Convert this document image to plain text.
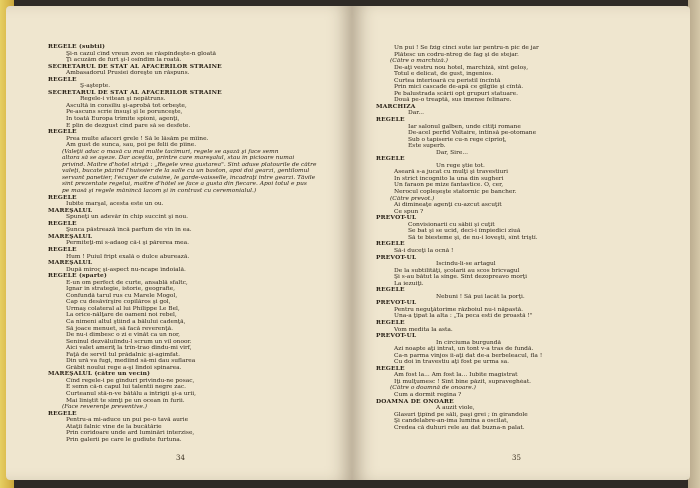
REGELE (subtil)
Şi-n cazul cînd vreun zvon se răspîndeşte-n gloată
Ţi acuzăm de furt şi-l osîndim la roată.
SECRETARUL DE STAT AL AFACERILOR STRĂINE
Ambasadorul Prusiei doreşte un răspuns.
REGELE
Ş-aştepte.
SECRETARUL DE STAT AL AFACERILOR STRĂINE
Regele-i vitean şi nepătruns.
Ascultă in consiliu şi-aprobă tot orbeşte,
Pe-ascuns scrie însuşi şi le porunceşte,
În toată Europa trimite spioni, agenţi,
E plin de dezgust cînd pare să se desfete.
REGELE
Prea multe afaceri grele ! Să le lăsăm pe mîine.
Am gust de sunca, sau, poi pe felii de pîine.
(Valeţii aduc o masă cu mai multe tacîmuri, regele se aşază şi face semn
altora să se aşeze. Dar aceştia, printre care mareşalul, stau în picioare numai
privind. Maître d'hotel strigă : „Regele vrea gustarea". Sînt aduse platourile de către
valeţi, bucate păzind l'huissier de la salle cu un baston, apoi doi gearzi, gentilomul
servant panetier, l'écuyer de cuisine, le garde-vaisselle, încadraţi între gearzi. Tăvile
sînt prezentate regelui, maître d'hôtel se face a gusta din fiecare. Apoi totul e pus
pe masă şi regele mănîncă lacom şi în contrast cu ceremonialul.)
REGELE
Iubite marşal, acesta este un ou.
MAREŞALUL
Spuneţi un adevăr în chip succint şi nou.
REGELE
Şunca păstrează încă parfum de vin în ea.
MAREŞALUL
Permiteţi-mi s-adaog că-i şi părerea mea.
REGELE
Hum ! Puiul fript exală o dulce aburează.
MAREŞALUL
După mirος şi-aspect nu-ncape îndoială.
REGELE (sparte)
E-un om perfect de curte, ansablă sfaltc,
Ignar în strategie, istorie, geografie,
Confundă tarul rus cu Marele Mogol,
Cap cu desăvîrşire copilăros şi gol,
Urmaş colateral al lui Philippe Le Bel,
La orice-nălţare de oameni noi rebel,
Ca nimeni altul ştiind a bălului cadenţă,
Să joace menuet, să facă reverenţă.
De nu-i dimbesc o zi e vînăt ca un nor,
Seninul dezvăluiîndu-l scrum un vil onoor.
Aici valet ameriţ la trîn-trao dîndu-mi vîrf,
Faţă de servil tul prădalnic şi-agimfat.
Din ură va fugi, mediind să-mi dau suflarea
Grăbit noului rege a-şi lîndoi spinarea.
MAREŞALUL (către un vecin)
Cînd regele-i pe gînduri privindu-ne posac,
E semn că-n capul lui talentii negre zac.
Curteanul stă-n-ve bătălu a intrigii şi-a urii,
Mai liniştit te simţi pe un ocean în furii.
(Face reverenţe preventive.)
REGELE
Pentru-a mi-aduce un pui pe-o tavă aurie
Ataţii falnic vine de la bucătărie
Prin coridoare unde ard luminări interzise,
Prin galerii pe care le gudiute furtuna.
34
Un pui ! Se fzig cinci sute iar pentru-n pic de jar
Plătesc un codru-ntreg de fag şi de stejar.
(Către o marchiză.)
De-aţi vestru nou hotel, marchiză, sînt geloș,
Totul e delicat, de gust, ingenios.
Curtea interioară cu peristil încîntă
Prin micî cascade de-apă ce gîlgîie şi cîntă.
Pe balustrada scării opt grupuri statuare.
Două pe-o treaptă, sus imense felinare.
MARCHIZA
Dar...
REGELE
Iar salonul galben, unde citiţi romane
De-acel perfid Voltaire, intinsă pe-otomane
Sub o tapiserie cu-n rege ciprioţ,
Este superb.
Dar, Sire...
REGELE
Un rege ştie tot.
Aseară s-a jucat cu mulţi şi travestiuri
În strict incognito la una din sugheri
Un faraon pe mize fantastice. O, cer,
Nerocul copleşeşte statornic pe bancher.
(Către prevot.)
Ai dimineaţe agenţi cu-azcut ascuţit
Ce spun ?
PRÉVÔT-UL
Convisionarii cu săbii şi cuţit
Se bat şi se ucid, deci-i împiedici ziuă
Să te biesteme şi, de nu-i loveşti, sînt triştî.
REGELE
Să-i duceţi la ocnă !
PRÉVÔT-UL
Iscindu-li-se artagul
De la subtilităţi, şcolarii au scos bricvagul
Şi s-au bătut la sînge. Sînt dezopreavo morţi
La iezuiţi.
REGELE
Nebuni ! Să pui lacăt la porţi.
PRÉVÔT-UL
Pentru neguţătorime războiul nu-i năpastă.
Una-a ţipat la alta : „Ta peca esti de proastă !"
REGELE
Vom medita la asta.
PRÉVÔT-UL
În circiuma burgundă
Azi noapte aţi intrat, un tont v-a tras de fundă.
Ca-n parma vînjos îi-aţi dat de-a berbeleacul, fla !
Cu doi în travestiu aţi fost pe urma sa.
REGELE
Am fost la... Am fost la... Iubite magistrat
Îţi mulţumesc ! Sînt bine păzit, supraveghéat.
(Către o doamnă de onoare.)
Cum a dormit regina ?
DOAMNA DE ONOARE
A auzit viole,
Glasuri ţipînd pe săli, paşi grei ; în girandole
Şi candelabre-an-ima lumina a oscilat,
Credea că duhuri rele au dat buzna-n palat.
35
